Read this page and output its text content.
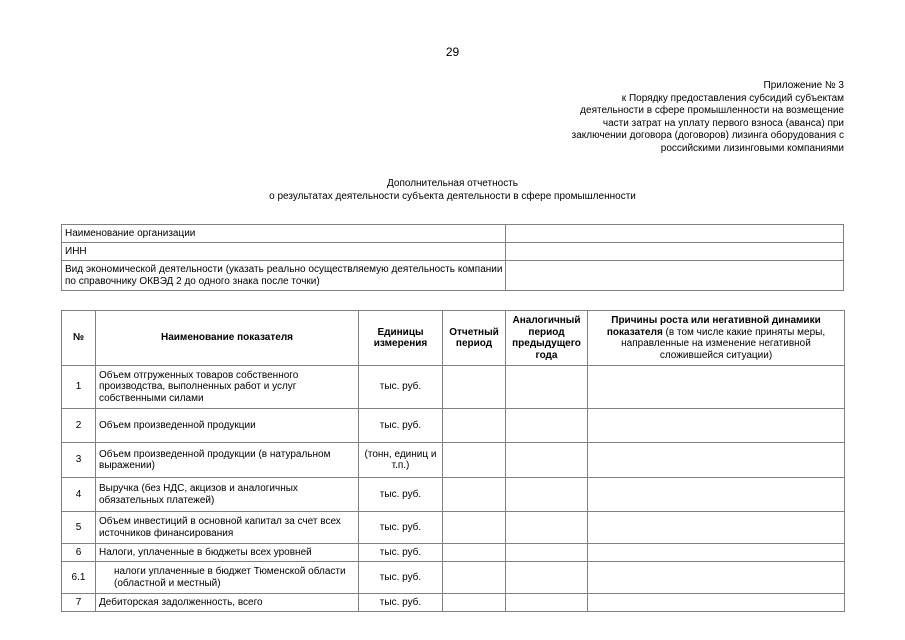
29
Приложение № 3
к Порядку предоставления субсидий субъектам
деятельности в сфере промышленности на возмещение
части затрат на уплату первого взноса (аванса) при
заключении договора (договоров) лизинга оборудования с
российскими лизинговыми компаниями
Дополнительная отчетность
о результатах деятельности субъекта деятельности в сфере промышленности
Наименование организации	
ИНН	
Вид экономической деятельности (указать реально осуществляемую деятельность компании по справочнику ОКВЭД 2 до одного знака после точки)	
№	Наименование показателя	Единицы измерения	Отчетный период	Аналогичный период предыдущего года	Причины роста или негативной динамики показателя (в том числе какие приняты меры, направленные на изменение негативной сложившейся ситуации)
1	Объем отгруженных товаров собственного производства, выполненных работ и услуг собственными силами	тыс. руб.			
2	Объем произведенной продукции	тыс. руб.			
3	Объем произведенной продукции (в натуральном выражении)	(тонн, единиц и т.п.)			
4	Выручка (без НДС, акцизов и аналогичных обязательных платежей)	тыс. руб.			
5	Объем инвестиций в основной капитал за счет всех источников финансирования	тыс. руб.			
6	Налоги, уплаченные в бюджеты всех уровней	тыс. руб.			
6.1	налоги уплаченные в бюджет Тюменской области (областной и местный)	тыс. руб.			
7	Дебиторская задолженность, всего	тыс. руб.			
